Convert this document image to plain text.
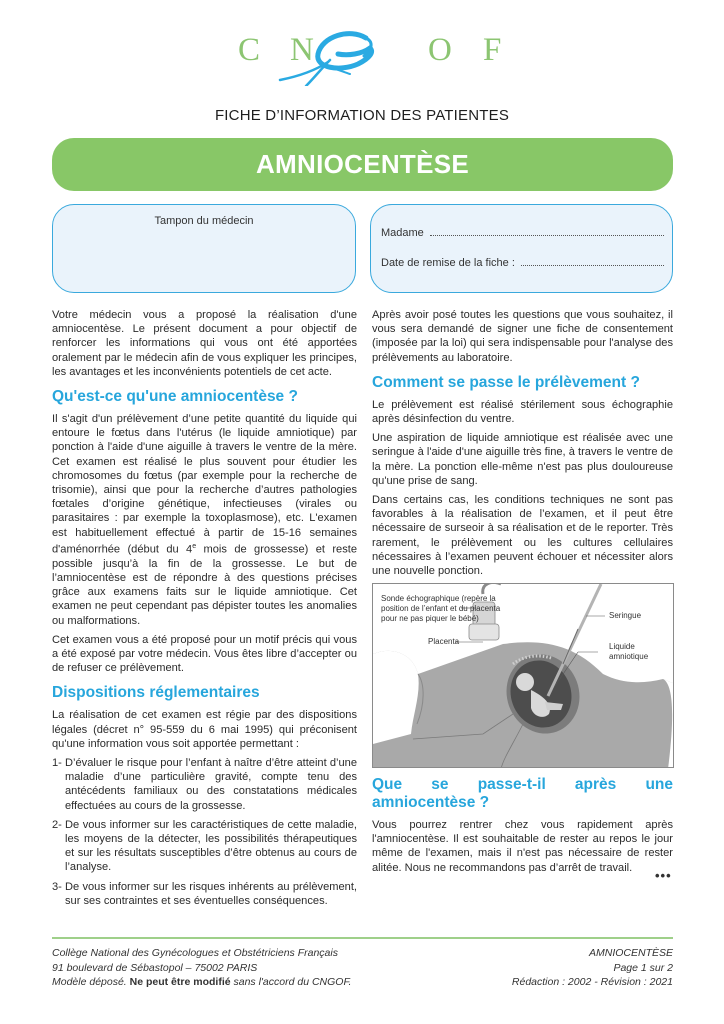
C N	O F
FICHE D’INFORMATION DES PATIENTES
AMNIOCENTÈSE
Tampon du médecin
Madame
Date de remise de la fiche :

Votre médecin vous a proposé la réalisation d'une amniocentèse. Le présent document a pour objectif de renforcer les informations qui vous ont été apportées oralement par le médecin afin de vous expliquer les principes, les avantages et les inconvénients potentiels de cet acte.

Qu'est-ce qu'une amniocentèse ?

Il s'agit d'un prélèvement d’une petite quantité du liquide qui entoure le fœtus dans l'utérus (le liquide amniotique) par ponction à l'aide d'une aiguille à travers le ventre de la mère. Cet examen est réalisé le plus souvent pour étudier les chromosomes du fœtus (par exemple pour la recherche de trisomie), ainsi que pour la recherche d’autres pathologies fœtales d’origine génétique, infectieuses (virales ou parasitaires : par exemple la toxoplasmose), etc. L'examen est habituellement effectué à partir de 15-16 semaines d'aménorrhée (début du 4e mois de grossesse) et reste possible jusqu’à la fin de la grossesse. Le but de l’amniocentèse est de répondre à des questions précises grâce aux examens faits sur le liquide amniotique. Cet examen ne peut cependant pas dépister toutes les anomalies ou malformations.

Cet examen vous a été proposé pour un motif précis qui vous a été exposé par votre médecin. Vous êtes libre d’accepter ou de refuser ce prélèvement.

Dispositions réglementaires

La réalisation de cet examen est régie par des dispositions légales (décret n° 95-559 du 6 mai 1995) qui préconisent qu'une information vous soit apportée permettant :

1- D’évaluer le risque pour l’enfant à naître d’être atteint d’une maladie d’une particulière gravité, compte tenu des antécédents familiaux ou des constatations médicales effectuées au cours de la grossesse.
2- De vous informer sur les caractéristiques de cette maladie, les moyens de la détecter, les possibilités thérapeutiques et sur les résultats susceptibles d’être obtenus au cours de l’analyse.
3- De vous informer sur les risques inhérents au prélèvement, sur ses contraintes et ses éventuelles conséquences.

Après avoir posé toutes les questions que vous souhaitez, il vous sera demandé de signer une fiche de consentement (imposée par la loi) qui sera indispensable pour l'analyse des prélèvements au laboratoire.

Comment se passe le prélèvement ?

Le prélèvement est réalisé stérilement sous échographie après désinfection du ventre.

Une aspiration de liquide amniotique est réalisée avec une seringue à l'aide d'une aiguille très fine, à travers le ventre de la mère. La ponction elle-même n'est pas plus douloureuse qu'une prise de sang.

Dans certains cas, les conditions techniques ne sont pas favorables à la réalisation de l’examen, et il peut être nécessaire de surseoir à sa réalisation et de le reporter. Très rarement, le prélèvement ou les cultures cellulaires nécessaires à l’examen peuvent échouer et nécessiter alors une nouvelle ponction.

Sonde échographique (repère la
position de l’enfant et du placenta
pour ne pas piquer le bébé)
Placenta
Seringue
Liquide
amniotique
Que se passe-t-il après une amniocentèse ?

Vous pourrez rentrer chez vous rapidement après l'amniocentèse. Il est souhaitable de rester au repos le jour même de l'examen, mais il n'est pas nécessaire de rester alitée. Nous ne recommandons pas d’arrêt de travail.

•••
Collège National des Gynécologues et Obstétriciens Français
91 boulevard de Sébastopol – 75002 PARIS
Modèle déposé. Ne peut être modifié sans l'accord du CNGOF.
AMNIOCENTÈSE
Page 1 sur 2
Rédaction : 2002 - Révision : 2021
